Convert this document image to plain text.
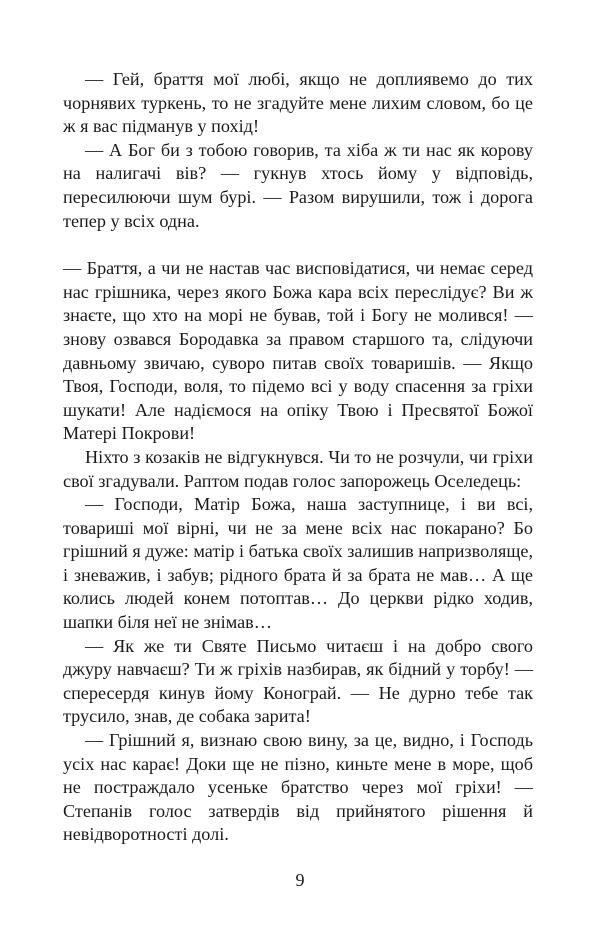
— Гей, браття мої любі, якщо не доплиявемо до тих чорнявих туркень, то не згадуйте мене лихим словом, бо це ж я вас підманув у похід!

— А Бог би з тобою говорив, та хіба ж ти нас як корову на налигачі вів? — гукнув хтось йому у відповідь, пересилюючи шум бурі. — Разом вирушили, тож і дорога тепер у всіх одна.

— Браття, а чи не настав час висповідатися, чи немає серед нас грішника, через якого Божа кара всіх переслідує? Ви ж знаєте, що хто на морі не бував, той і Богу не молився! — знову озвався Бородавка за правом старшого та, слідуючи давньому звичаю, суворо питав своїх товаришів. — Якщо Твоя, Господи, воля, то підемо всі у воду спасення за гріхи шукати! Але надіємося на опіку Твою і Пресвятої Божої Матері Покрови!

Ніхто з козаків не відгукнувся. Чи то не розчули, чи гріхи свої згадували. Раптом подав голос запорожець Оселедець:

— Господи, Матір Божа, наша заступнице, і ви всі, товариші мої вірні, чи не за мене всіх нас покарано? Бо грішний я дуже: матір і батька своїх залишив напризволяще, і зневажив, і забув; рідного брата й за брата не мав… А ще колись людей конем потоптав… До церкви рідко ходив, шапки біля неї не знімав…

— Як же ти Святе Письмо читаєш і на добро свого джуру навчаєш? Ти ж гріхів назбирав, як бідний у торбу! — спересердя кинув йому Конограй. — Не дурно тебе так трусило, знав, де собака зарита!

— Грішний я, визнаю свою вину, за це, видно, і Господь усіх нас карає! Доки ще не пізно, киньте мене в море, щоб не постраждало усеньке братство через мої гріхи! — Степанів голос затвердів від прийнятого рішення й невідворотності долі.

9
